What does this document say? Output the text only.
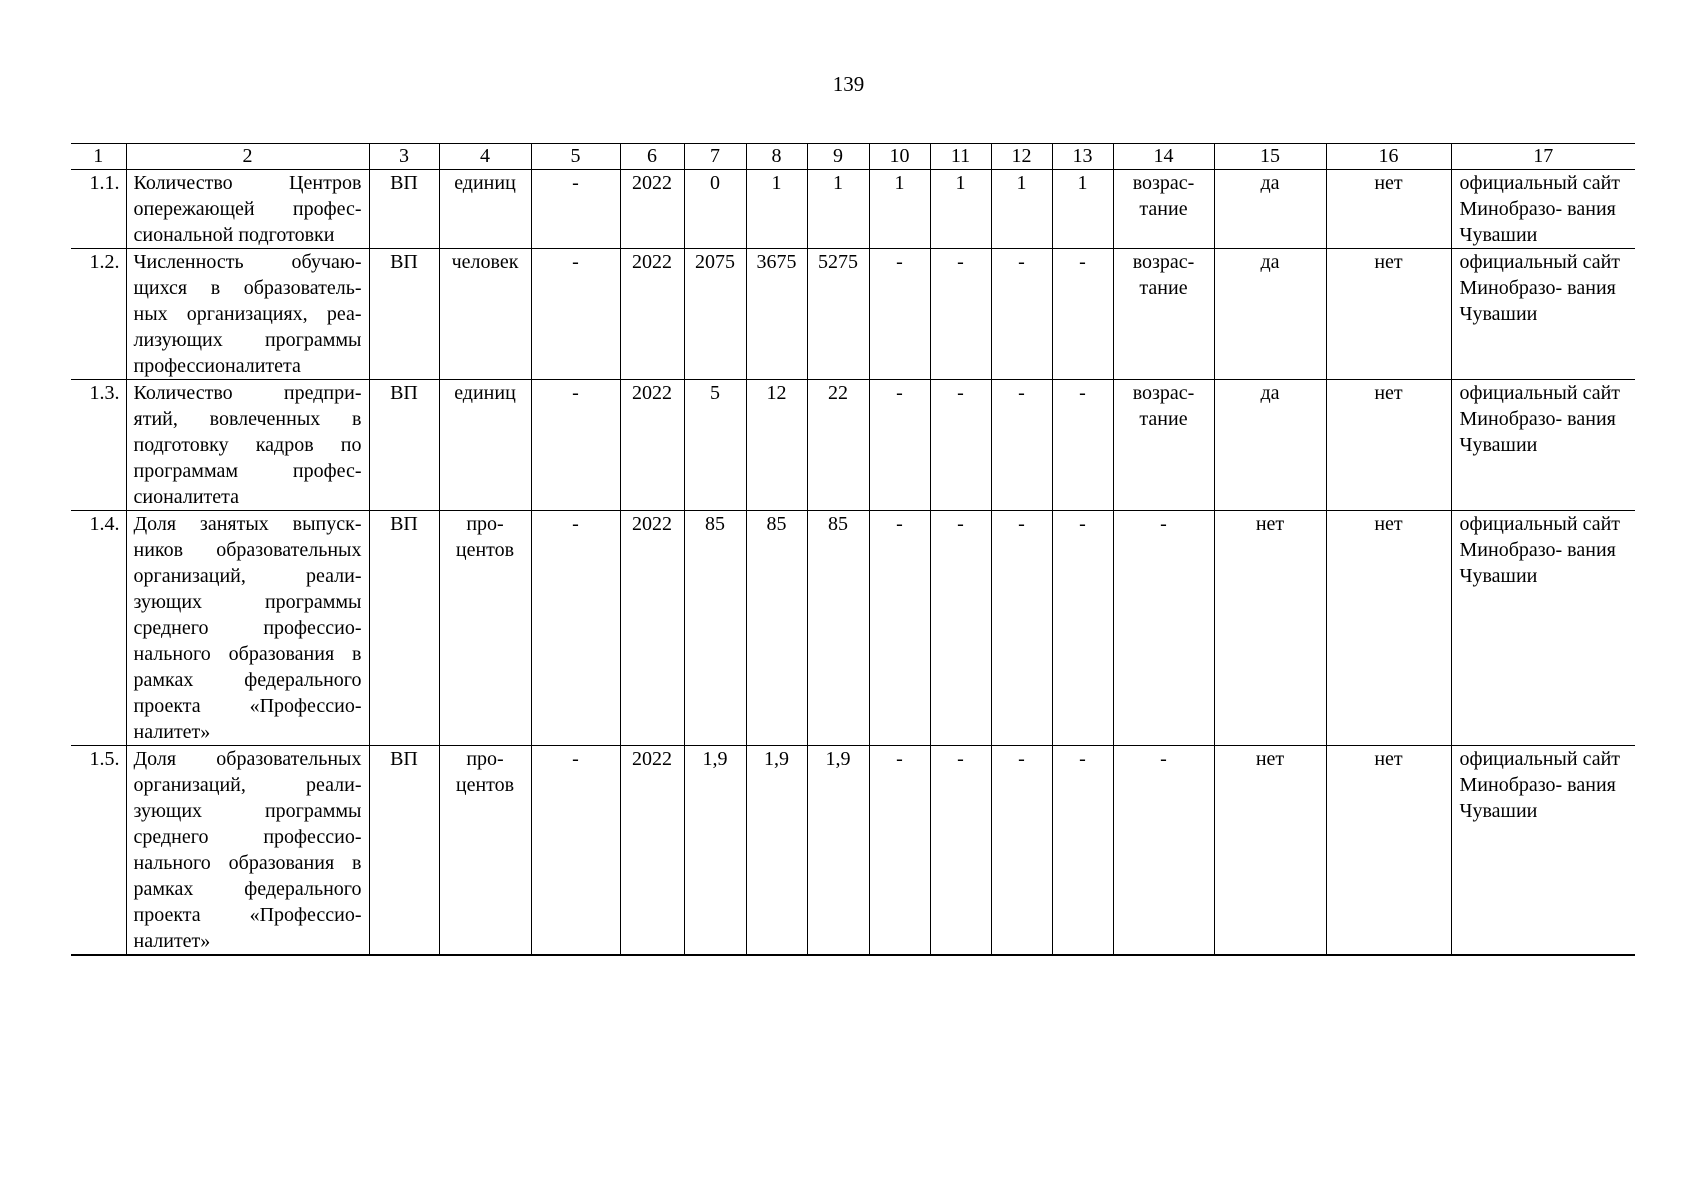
139
1	2	3	4	5	6	7	8	9	10	11	12	13	14	15	16	17
1.1.	Количество Центров опережающей профес- сиональной подготовки	ВП	единиц	-	2022	0	1	1	1	1	1	1	возрас- тание	да	нет	официальный сайт Минобразо- вания Чувашии
1.2.	Численность обучаю- щихся в образователь- ных организациях, реа- лизующих программы профессионалитета	ВП	человек	-	2022	2075	3675	5275	-	-	-	-	возрас- тание	да	нет	официальный сайт Минобразо- вания Чувашии
1.3.	Количество предпри- ятий, вовлеченных в подготовку кадров по программам профес- сионалитета	ВП	единиц	-	2022	5	12	22	-	-	-	-	возрас- тание	да	нет	официальный сайт Минобразо- вания Чувашии
1.4.	Доля занятых выпуск- ников образовательных организаций, реали- зующих программы среднего профессио- нального образования в рамках федерального проекта «Профессио- налитет»	ВП	про- центов	-	2022	85	85	85	-	-	-	-	-	нет	нет	официальный сайт Минобразо- вания Чувашии
1.5.	Доля образовательных организаций, реали- зующих программы среднего профессио- нального образования в рамках федерального проекта «Профессио- налитет»	ВП	про- центов	-	2022	1,9	1,9	1,9	-	-	-	-	-	нет	нет	официальный сайт Минобразо- вания Чувашии
